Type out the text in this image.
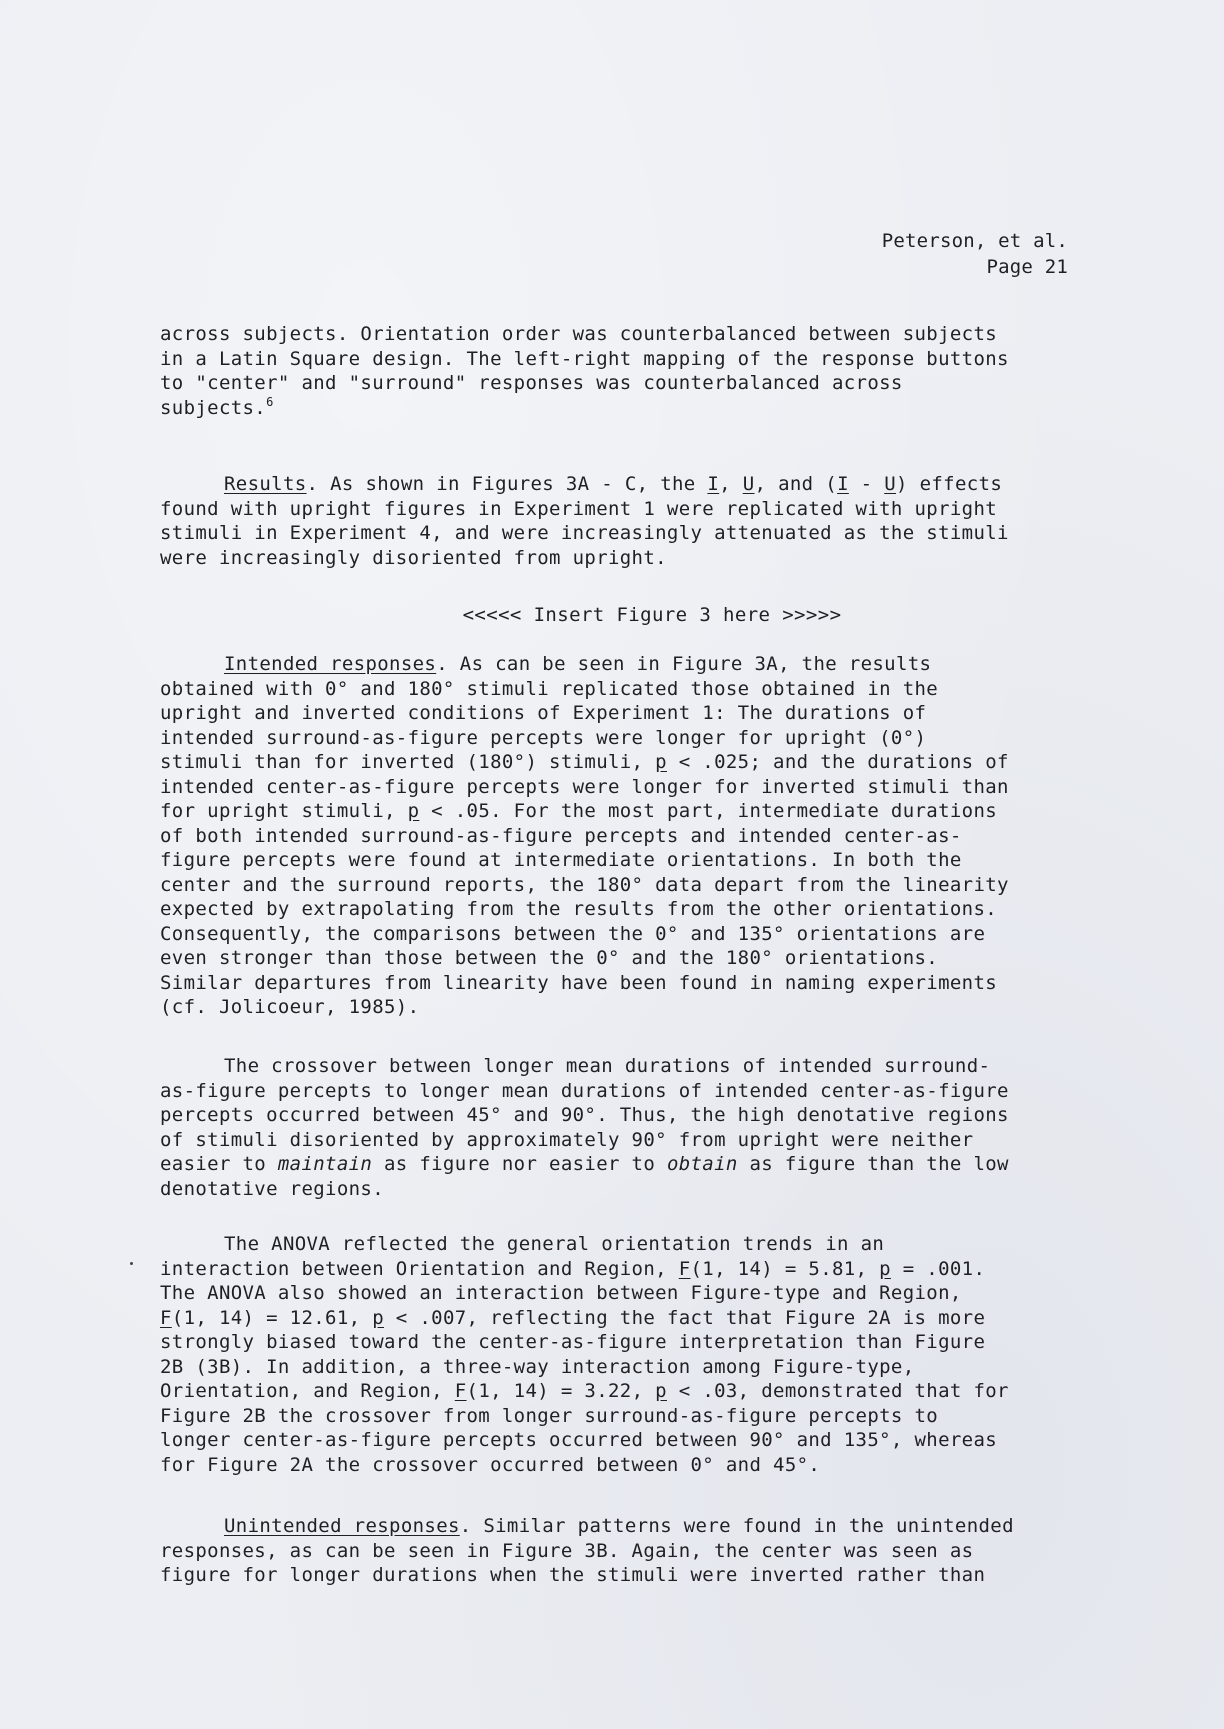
Peterson, et al.
Page 21
across subjects. Orientation order was counterbalanced between subjects
in a Latin Square design. The left-right mapping of the response buttons
to "center" and "surround" responses was counterbalanced across
subjects.$^6$
Results. As shown in Figures 3A - C, the I, U, and (I - U) effects
found with upright figures in Experiment 1 were replicated with upright
stimuli in Experiment 4, and were increasingly attenuated as the stimuli
were increasingly disoriented from upright.
<<<<< Insert Figure 3 here >>>>>
Intended responses. As can be seen in Figure 3A, the results
obtained with 0° and 180° stimuli replicated those obtained in the
upright and inverted conditions of Experiment 1: The durations of
intended surround-as-figure percepts were longer for upright (0°)
stimuli than for inverted (180°) stimuli, p < .025; and the durations of
intended center-as-figure percepts were longer for inverted stimuli than
for upright stimuli, p < .05. For the most part, intermediate durations
of both intended surround-as-figure percepts and intended center-as-
figure percepts were found at intermediate orientations. In both the
center and the surround reports, the 180° data depart from the linearity
expected by extrapolating from the results from the other orientations.
Consequently, the comparisons between the 0° and 135° orientations are
even stronger than those between the 0° and the 180° orientations.
Similar departures from linearity have been found in naming experiments
(cf. Jolicoeur, 1985).
The crossover between longer mean durations of intended surround-
as-figure percepts to longer mean durations of intended center-as-figure
percepts occurred between 45° and 90°. Thus, the high denotative regions
of stimuli disoriented by approximately 90° from upright were neither
easier to maintain as figure nor easier to obtain as figure than the low
denotative regions.
The ANOVA reflected the general orientation trends in an
interaction between Orientation and Region, F(1, 14) = 5.81, p = .001.
The ANOVA also showed an interaction between Figure-type and Region,
F(1, 14) = 12.61, p < .007, reflecting the fact that Figure 2A is more
strongly biased toward the center-as-figure interpretation than Figure
2B (3B). In addition, a three-way interaction among Figure-type,
Orientation, and Region, F(1, 14) = 3.22, p < .03, demonstrated that for
Figure 2B the crossover from longer surround-as-figure percepts to
longer center-as-figure percepts occurred between 90° and 135°, whereas
for Figure 2A the crossover occurred between 0° and 45°.
Unintended responses. Similar patterns were found in the unintended
responses, as can be seen in Figure 3B. Again, the center was seen as
figure for longer durations when the stimuli were inverted rather than
